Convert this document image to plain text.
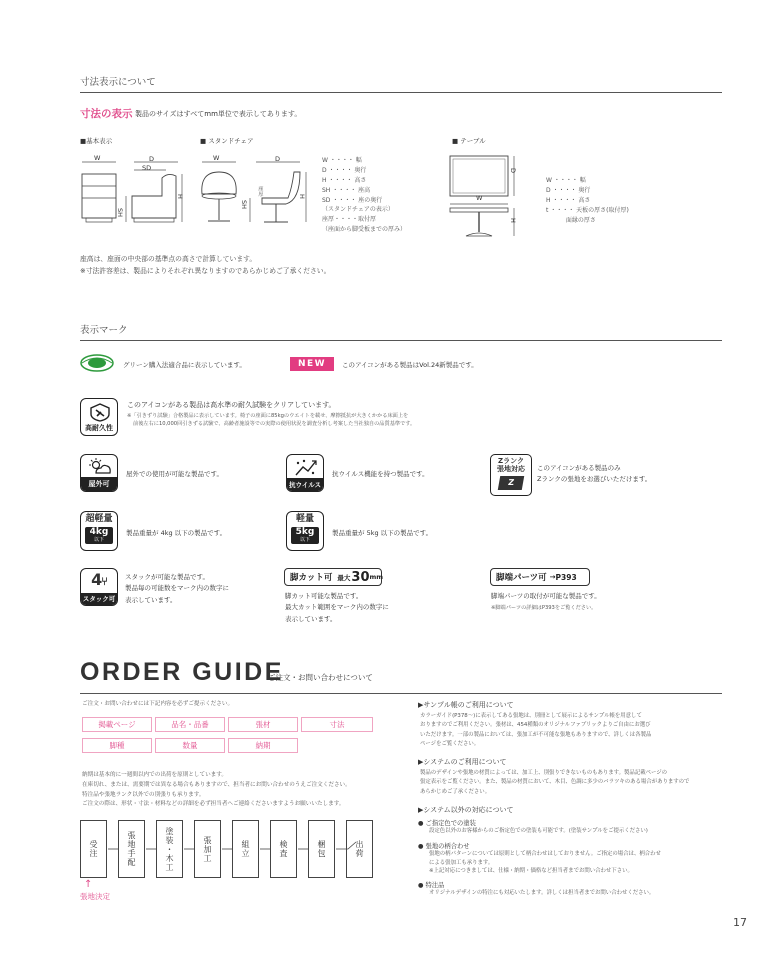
寸法表示について
寸法の表示 製品のサイズはすべてmm単位で表示してあります。
■基本表示	■ スタンドチェア	■ テーブル
W	D
SD
SH
H
W	D
座厚
SH
H
W ・・・・ 幅
D ・・・・ 奥行
H ・・・・ 高さ
SH ・・・・ 座高
SD ・・・・ 座の奥行
（スタンドチェアの表示）
座厚・・・・取付厚
（座面から脚受板までの厚み）
W
D
H
W ・・・・ 幅
D ・・・・ 奥行
H ・・・・ 高さ
t ・・・・ 天板の厚さ(取付厚)
　　　 面縁の厚さ
座高は、座面の中央部の基準点の高さで計算しています。
※寸法許容差は、製品によりそれぞれ異なりますのであらかじめご了承ください。
表示マーク
グリーン購入法適合品に表示しています。	NEW	このアイコンがある製品はVol.24新製品です。
高耐久性
このアイコンがある製品は高水準の耐久試験をクリアしています。
※「引きずり試験」合格製品に表示しています。椅子の座面に85kgのウエイトを載せ、摩擦抵抗が大きくかかる床面上を
前後左右に10,000回引きずる試験で、高齢者施設等での実際の使用状況を調査分析し考案した当社独自の品質基準です。
屋外可
屋外での使用が可能な製品です。
抗ウイルス
抗ウイルス機能を持つ製品です。
Zランク
張地対応
Z
このアイコンがある製品のみ
Zランクの張地をお選びいただけます。
超軽量
4kg
以下
製品重量が 4kg 以下の製品です。
軽量
5kg
以下
製品重量が 5kg 以下の製品です。
4⑂
スタック可
スタックが可能な製品です。
製品毎の可能数をマーク内の数字に
表示しています。
脚カット可 最大 30 mm
脚カット可能な製品です。
最大カット範囲をマーク内の数字に
表示しています。
脚端パーツ可 → P393
脚端パーツの取付が可能な製品です。
※脚端パーツの詳細はP393をご覧ください。
ORDER GUIDE
ご注文・お問い合わせについて
ご注文・お問い合わせには下記内容を必ずご提示ください。
掲載ページ	品名・品番	張材	寸法
脚種	数量	納期
納期は基本的に一週間以内での出荷を原則としています。
在庫切れ、または、需要期では異なる場合もありますので、担当者にお問い合わせのうえご注文ください。
特注品や張地ランク以外での別張りも承ります。
ご注文の際は、形状・寸法・材料などの詳細を必ず担当者へご連絡くださいますようお願いいたします。
受注	張地手配	塗装・木工	張加工	組立	検査	梱包	出荷
↑
張地決定
▶サンプル帳のご利用について
カラーガイド(P378〜)に表示してある張地は、別冊として展示によるサンプル帳を用意して
おりますのでご利用ください。張材は、454種類のオリジナルファブリックよりご自由にお選び
いただけます。一部の製品においては、張加工が不可能な張地もありますので、詳しくは各製品
ページをご覧ください。
▶システムのご利用について
製品のデザインや張地の材質によっては、加工上、別張りできないものもあります。製品記載ページの
張定表示をご覧ください。また、製品の材質において、木目、色調に多少のバラツキのある場合がありますので
あらかじめご了承ください。
▶システム以外の対応について
● ご指定色での塗装
設定色以外のお客様からのご指定色での塗装も可能です。(塗装サンプルをご提示ください)
● 張地の柄合わせ
張地の柄パターンについては原則として柄合わせはしておりません。ご指定の場合は、柄合わせ
による張加工も承ります。
※上記対応につきましては、仕様・納期・価格など担当者までお問い合わせ下さい。
● 特注品
オリジナルデザインの特注にも対応いたします。詳しくは担当者までお問い合わせください。
17
